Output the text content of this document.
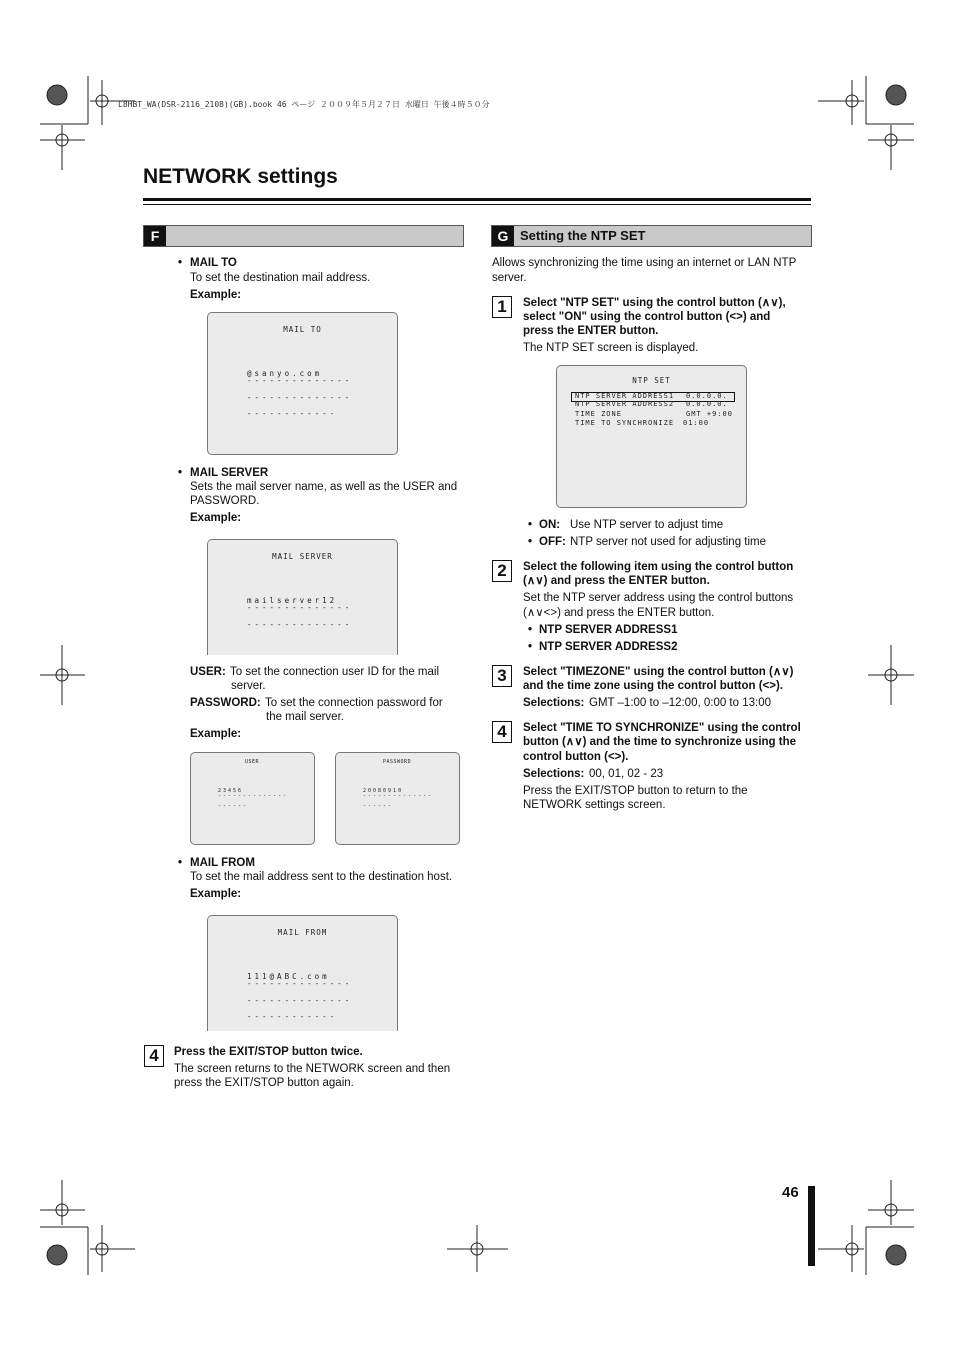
L8HBT_WA(DSR-2116_2108)(GB).book 46 ページ ２００９年５月２７日 水曜日 午後４時５０分
NETWORK settings
F
• MAIL TO
To set the destination mail address.
Example:
MAIL TO
@sanyo.com
--------------
--------------
------------
• MAIL SERVER
Sets the mail server name, as well as the USER and
PASSWORD.
Example:
MAIL SERVER
mailserver12
--------------
--------------
USER: To set the connection user ID for the mail
server.
PASSWORD: To set the connection password for
the mail server.
Example:
USER
23456
--------------
------
PASSWORD
20080910
--------------
------
• MAIL FROM
To set the mail address sent to the destination host.
Example:
MAIL FROM
111@ABC.com
--------------
--------------
------------
4	Press the EXIT/STOP button twice.
The screen returns to the NETWORK screen and then
press the EXIT/STOP button again.
G Setting the NTP SET
Allows synchronizing the time using an internet or LAN NTP
server.
1	Select "NTP SET" using the control button (∧∨),
select "ON" using the control button (<>) and
press the ENTER button.
The NTP SET screen is displayed.
NTP SET
NTP SERVER ADDRESS1 0.0.0.0.
NTP SERVER ADDRESS2 0.0.0.0.
TIME ZONE	GMT +9:00
TIME TO SYNCHRONIZE 01:00
• ON: Use NTP server to adjust time
• OFF: NTP server not used for adjusting time
2	Select the following item using the control button
(∧∨) and press the ENTER button.
Set the NTP server address using the control buttons
(∧∨<>) and press the ENTER button.
• NTP SERVER ADDRESS1
• NTP SERVER ADDRESS2
3	Select "TIMEZONE" using the control button (∧∨)
and the time zone using the control button (<>).
Selections: GMT –1:00 to –12:00, 0:00 to 13:00
4	Select "TIME TO SYNCHRONIZE" using the control
button (∧∨) and the time to synchronize using the
control button (<>).
Selections: 00, 01, 02 - 23
Press the EXIT/STOP button to return to the
NETWORK settings screen.
46
